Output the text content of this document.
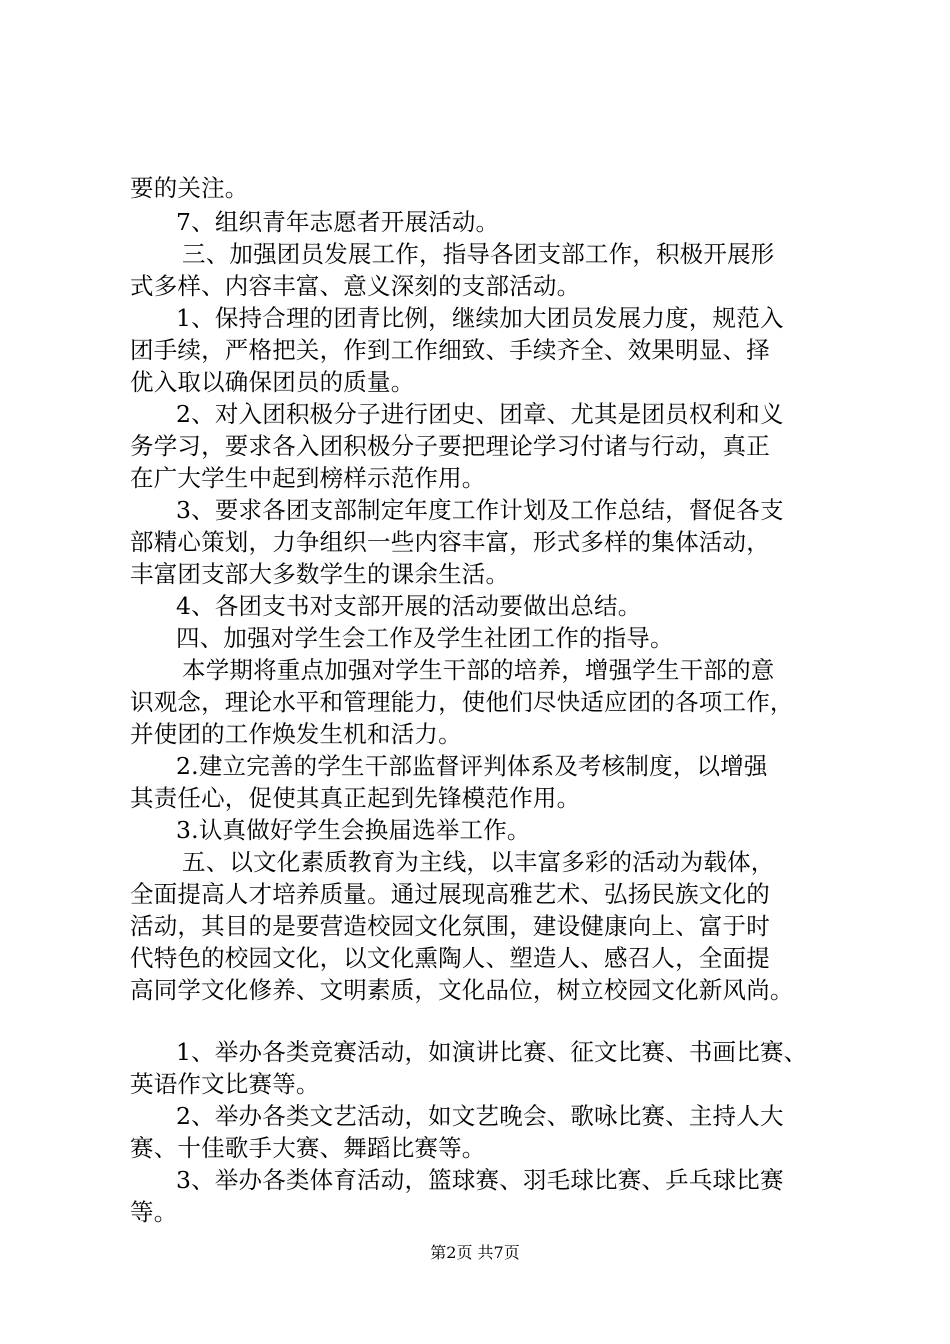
要的关注。
7、组织青年志愿者开展活动。
三、加强团员发展工作，指导各团支部工作，积极开展形
式多样、内容丰富、意义深刻的支部活动。
1、保持合理的团青比例，继续加大团员发展力度，规范入
团手续，严格把关，作到工作细致、手续齐全、效果明显、择
优入取以确保团员的质量。
2、对入团积极分子进行团史、团章、尤其是团员权利和义
务学习，要求各入团积极分子要把理论学习付诸与行动，真正
在广大学生中起到榜样示范作用。
3、要求各团支部制定年度工作计划及工作总结，督促各支
部精心策划，力争组织一些内容丰富，形式多样的集体活动，
丰富团支部大多数学生的课余生活。
4、各团支书对支部开展的活动要做出总结。
四、加强对学生会工作及学生社团工作的指导。
本学期将重点加强对学生干部的培养，增强学生干部的意
识观念，理论水平和管理能力，使他们尽快适应团的各项工作，
并使团的工作焕发生机和活力。
2.建立完善的学生干部监督评判体系及考核制度，以增强
其责任心，促使其真正起到先锋模范作用。
3.认真做好学生会换届选举工作。
五、以文化素质教育为主线，以丰富多彩的活动为载体，
全面提高人才培养质量。通过展现高雅艺术、弘扬民族文化的
活动，其目的是要营造校园文化氛围，建设健康向上、富于时
代特色的校园文化，以文化熏陶人、塑造人、感召人，全面提
高同学文化修养、文明素质，文化品位，树立校园文化新风尚。
1、举办各类竞赛活动，如演讲比赛、征文比赛、书画比赛、
英语作文比赛等。
2、举办各类文艺活动，如文艺晚会、歌咏比赛、主持人大
赛、十佳歌手大赛、舞蹈比赛等。
3、举办各类体育活动，篮球赛、羽毛球比赛、乒乓球比赛
等。
第2页 共7页
